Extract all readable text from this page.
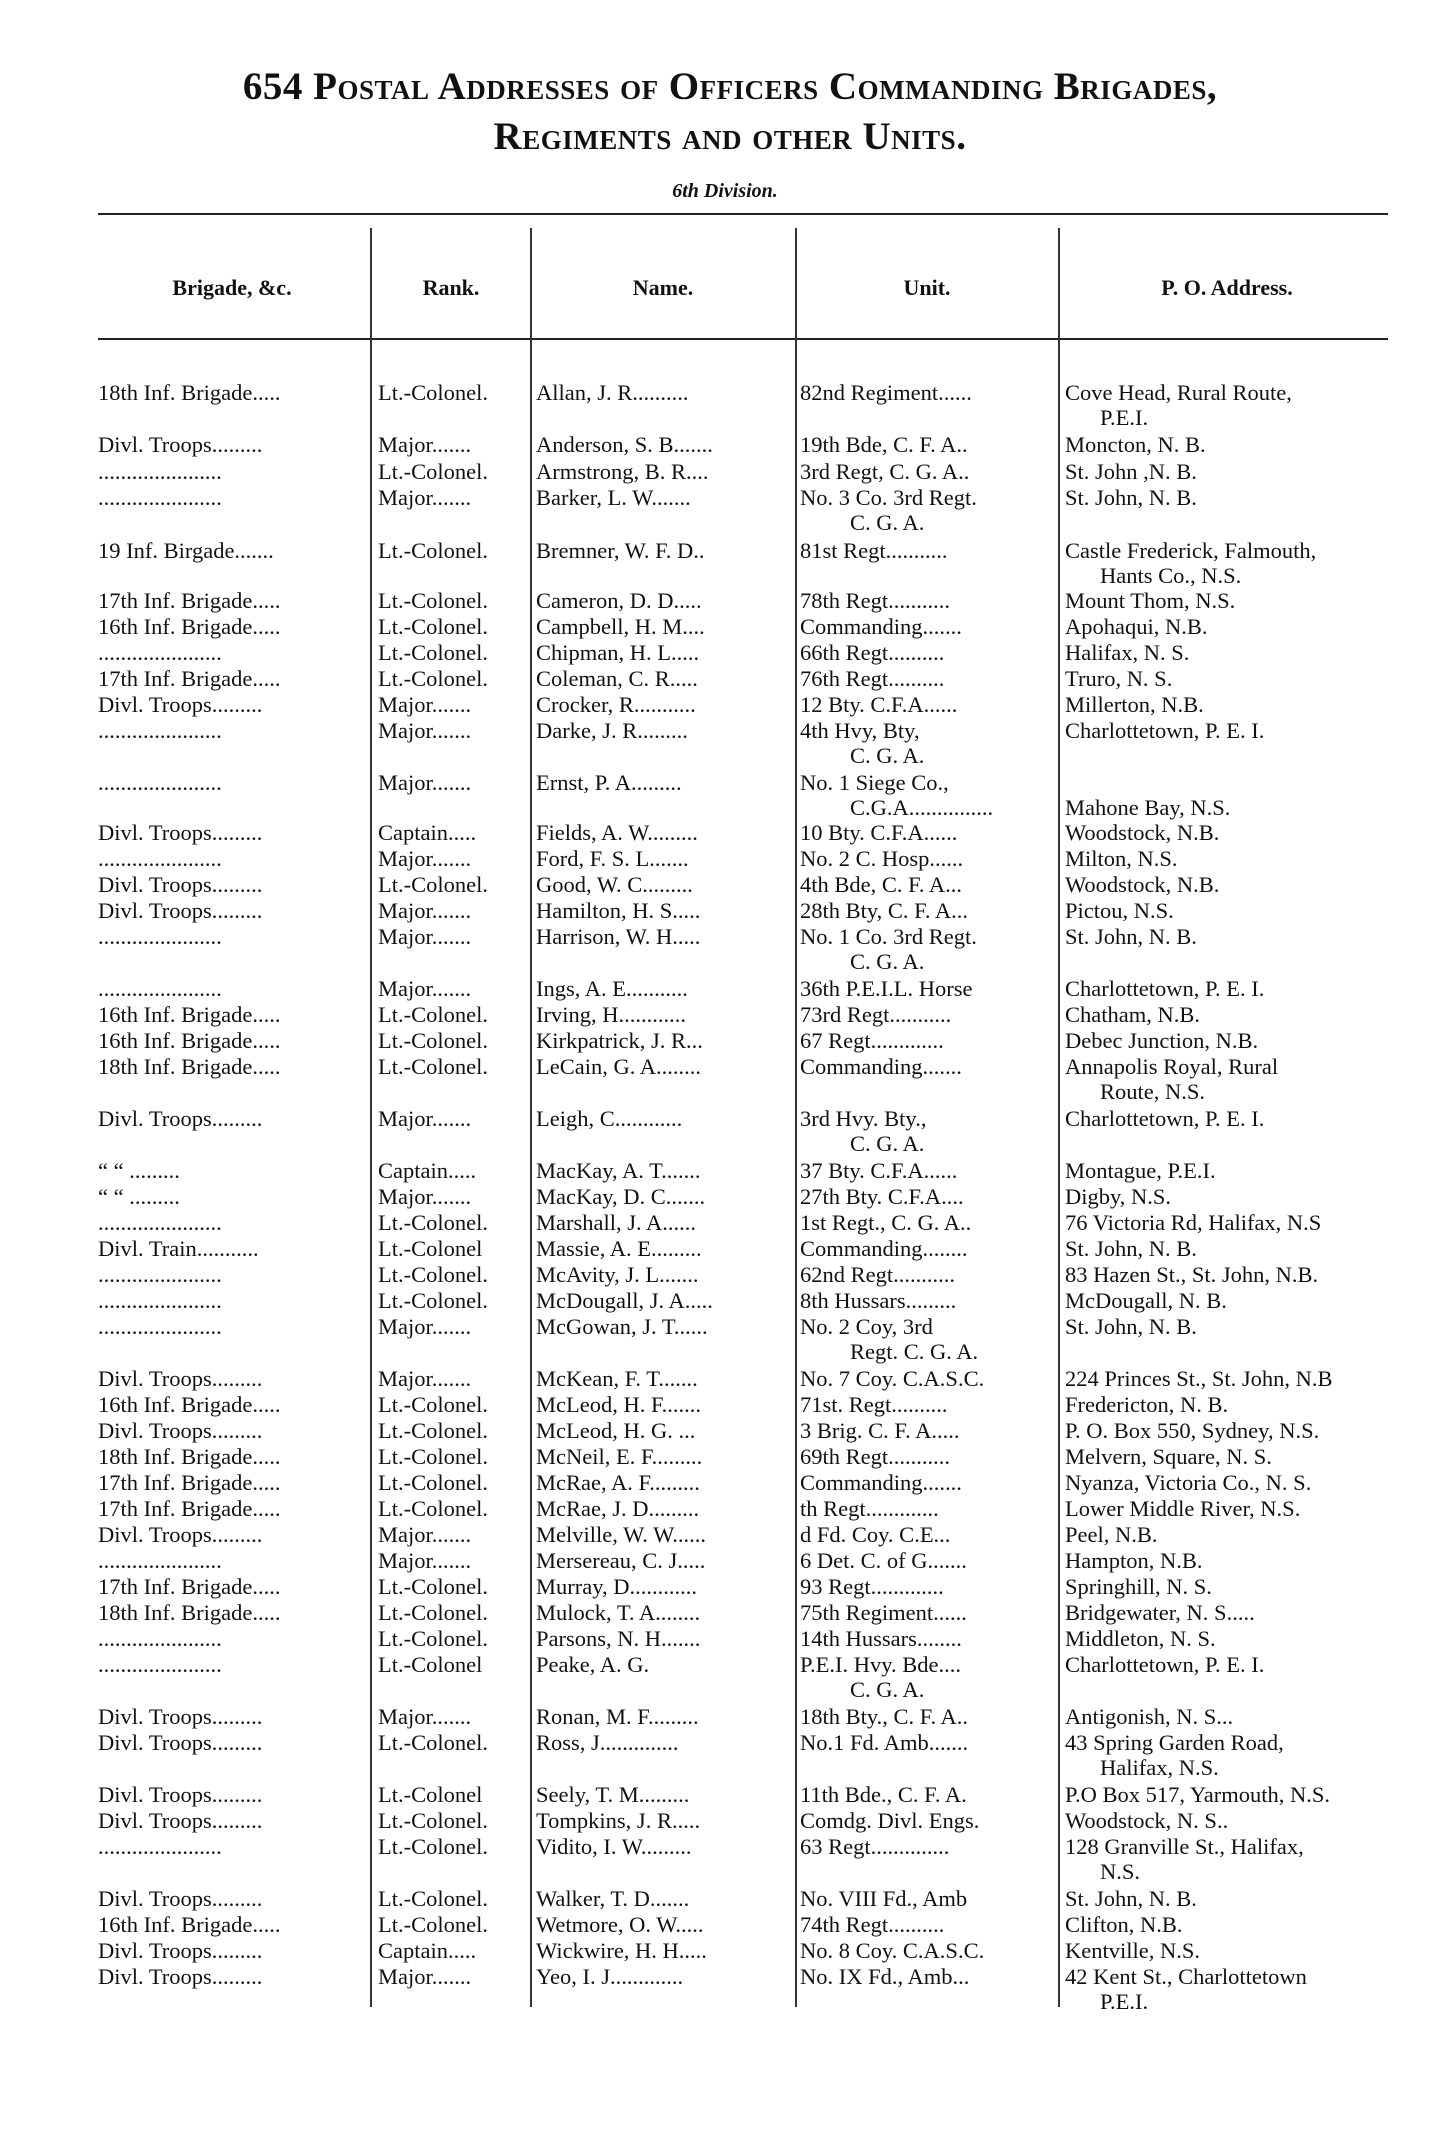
654 Postal Addresses of Officers Commanding Brigades,
Regiments and other Units.
6th Division.
Brigade, &c.	Rank.	Name.	Unit.	P. O. Address.
18th Inf. Brigade.....	Lt.-Colonel.	Allan, J. R..........	82nd Regiment......	Cove Head, Rural Route,
P.E.I.
Divl. Troops.........	Major.......	Anderson, S. B.......	19th Bde, C. F. A..	Moncton, N. B.
......................	Lt.-Colonel.	Armstrong, B. R....	3rd Regt, C. G. A..	St. John ,N. B.
......................	Major.......	Barker, L. W.......	No. 3 Co. 3rd Regt.	St. John, N. B.
C. G. A.
19 Inf. Birgade.......	Lt.-Colonel.	Bremner, W. F. D..	81st Regt...........	Castle Frederick, Falmouth,
Hants Co., N.S.
17th Inf. Brigade.....	Lt.-Colonel.	Cameron, D. D.....	78th Regt...........	Mount Thom, N.S.
16th Inf. Brigade.....	Lt.-Colonel.	Campbell, H. M....	Commanding.......	Apohaqui, N.B.
......................	Lt.-Colonel.	Chipman, H. L.....	66th Regt..........	Halifax, N. S.
17th Inf. Brigade.....	Lt.-Colonel.	Coleman, C. R.....	76th Regt..........	Truro, N. S.
Divl. Troops.........	Major.......	Crocker, R...........	12 Bty. C.F.A......	Millerton, N.B.
......................	Major.......	Darke, J. R.........	4th Hvy, Bty,	Charlottetown, P. E. I.
C. G. A.
......................	Major.......	Ernst, P. A.........	No. 1 Siege Co.,
C.G.A...............	Mahone Bay, N.S.
Divl. Troops.........	Captain.....	Fields, A. W.........	10 Bty. C.F.A......	Woodstock, N.B.
......................	Major.......	Ford, F. S. L.......	No. 2 C. Hosp......	Milton, N.S.
Divl. Troops.........	Lt.-Colonel.	Good, W. C.........	4th Bde, C. F. A...	Woodstock, N.B.
Divl. Troops.........	Major.......	Hamilton, H. S.....	28th Bty, C. F. A...	Pictou, N.S.
......................	Major.......	Harrison, W. H.....	No. 1 Co. 3rd Regt.	St. John, N. B.
C. G. A.
......................	Major.......	Ings, A. E...........	36th P.E.I.L. Horse	Charlottetown, P. E. I.
16th Inf. Brigade.....	Lt.-Colonel.	Irving, H............	73rd Regt...........	Chatham, N.B.
16th Inf. Brigade.....	Lt.-Colonel.	Kirkpatrick, J. R...	67 Regt.............	Debec Junction, N.B.
18th Inf. Brigade.....	Lt.-Colonel.	LeCain, G. A........	Commanding.......	Annapolis Royal, Rural
Route, N.S.
Divl. Troops.........	Major.......	Leigh, C............	3rd Hvy. Bty.,	Charlottetown, P. E. I.
C. G. A.
“ “ .........	Captain.....	MacKay, A. T.......	37 Bty. C.F.A......	Montague, P.E.I.
“ “ .........	Major.......	MacKay, D. C.......	27th Bty. C.F.A....	Digby, N.S.
......................	Lt.-Colonel.	Marshall, J. A......	1st Regt., C. G. A..	76 Victoria Rd, Halifax, N.S
Divl. Train...........	Lt.-Colonel	Massie, A. E.........	Commanding........	St. John, N. B.
......................	Lt.-Colonel.	McAvity, J. L.......	62nd Regt...........	83 Hazen St., St. John, N.B.
......................	Lt.-Colonel.	McDougall, J. A.....	8th Hussars.........	McDougall, N. B.
......................	Major.......	McGowan, J. T......	No. 2 Coy, 3rd	St. John, N. B.
Regt. C. G. A.
Divl. Troops.........	Major.......	McKean, F. T.......	No. 7 Coy. C.A.S.C.	224 Princes St., St. John, N.B
16th Inf. Brigade.....	Lt.-Colonel.	McLeod, H. F.......	71st. Regt..........	Fredericton, N. B.
Divl. Troops.........	Lt.-Colonel.	McLeod, H. G. ...	3 Brig. C. F. A.....	P. O. Box 550, Sydney, N.S.
18th Inf. Brigade.....	Lt.-Colonel.	McNeil, E. F.........	69th Regt...........	Melvern, Square, N. S.
17th Inf. Brigade.....	Lt.-Colonel.	McRae, A. F.........	Commanding.......	Nyanza, Victoria Co., N. S.
17th Inf. Brigade.....	Lt.-Colonel.	McRae, J. D.........	th Regt.............	Lower Middle River, N.S.
Divl. Troops.........	Major.......	Melville, W. W......	d Fd. Coy. C.E...	Peel, N.B.
......................	Major.......	Mersereau, C. J.....	6 Det. C. of G.......	Hampton, N.B.
17th Inf. Brigade.....	Lt.-Colonel.	Murray, D............	93 Regt.............	Springhill, N. S.
18th Inf. Brigade.....	Lt.-Colonel.	Mulock, T. A........	75th Regiment......	Bridgewater, N. S.....
......................	Lt.-Colonel.	Parsons, N. H.......	14th Hussars........	Middleton, N. S.
......................	Lt.-Colonel	Peake, A. G.	P.E.I. Hvy. Bde....	Charlottetown, P. E. I.
C. G. A.
Divl. Troops.........	Major.......	Ronan, M. F.........	18th Bty., C. F. A..	Antigonish, N. S...
Divl. Troops.........	Lt.-Colonel.	Ross, J..............	No.1 Fd. Amb.......	43 Spring Garden Road,
Halifax, N.S.
Divl. Troops.........	Lt.-Colonel	Seely, T. M.........	11th Bde., C. F. A.	P.O Box 517, Yarmouth, N.S.
Divl. Troops.........	Lt.-Colonel.	Tompkins, J. R.....	Comdg. Divl. Engs.	Woodstock, N. S..
......................	Lt.-Colonel.	Vidito, I. W.........	63 Regt..............	128 Granville St., Halifax,
N.S.
Divl. Troops.........	Lt.-Colonel.	Walker, T. D.......	No. VIII Fd., Amb	St. John, N. B.
16th Inf. Brigade.....	Lt.-Colonel.	Wetmore, O. W.....	74th Regt..........	Clifton, N.B.
Divl. Troops.........	Captain.....	Wickwire, H. H.....	No. 8 Coy. C.A.S.C.	Kentville, N.S.
Divl. Troops.........	Major.......	Yeo, I. J.............	No. IX Fd., Amb...	42 Kent St., Charlottetown
P.E.I.
